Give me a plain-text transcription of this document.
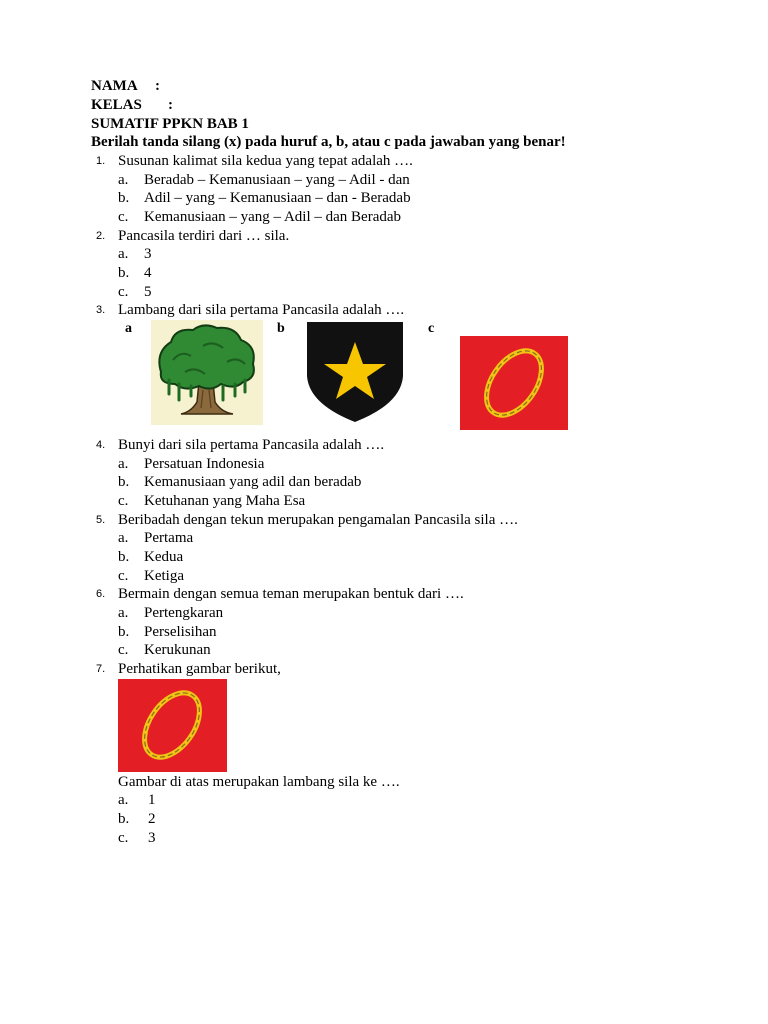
NAMA :
KELAS :
SUMATIF PPKN BAB 1
Berilah tanda silang (x) pada huruf a, b, atau c pada jawaban yang benar!
1. Susunan kalimat sila kedua yang tepat adalah ….
a. Beradab – Kemanusiaan – yang – Adil - dan
b. Adil – yang – Kemanusiaan – dan - Beradab
c. Kemanusiaan – yang – Adil – dan Beradab
2. Pancasila terdiri dari … sila.
a. 3
b. 4
c. 5
3. Lambang dari sila pertama Pancasila adalah ….
a	b	c
4. Bunyi dari sila pertama Pancasila adalah ….
a. Persatuan Indonesia
b. Kemanusiaan yang adil dan beradab
c. Ketuhanan yang Maha Esa
5. Beribadah dengan tekun merupakan pengamalan Pancasila sila ….
a. Pertama
b. Kedua
c. Ketiga
6. Bermain dengan semua teman merupakan bentuk dari ….
a. Pertengkaran
b. Perselisihan
c. Kerukunan
7. Perhatikan gambar berikut,
Gambar di atas merupakan lambang sila ke ….
a. 1
b. 2
c. 3
